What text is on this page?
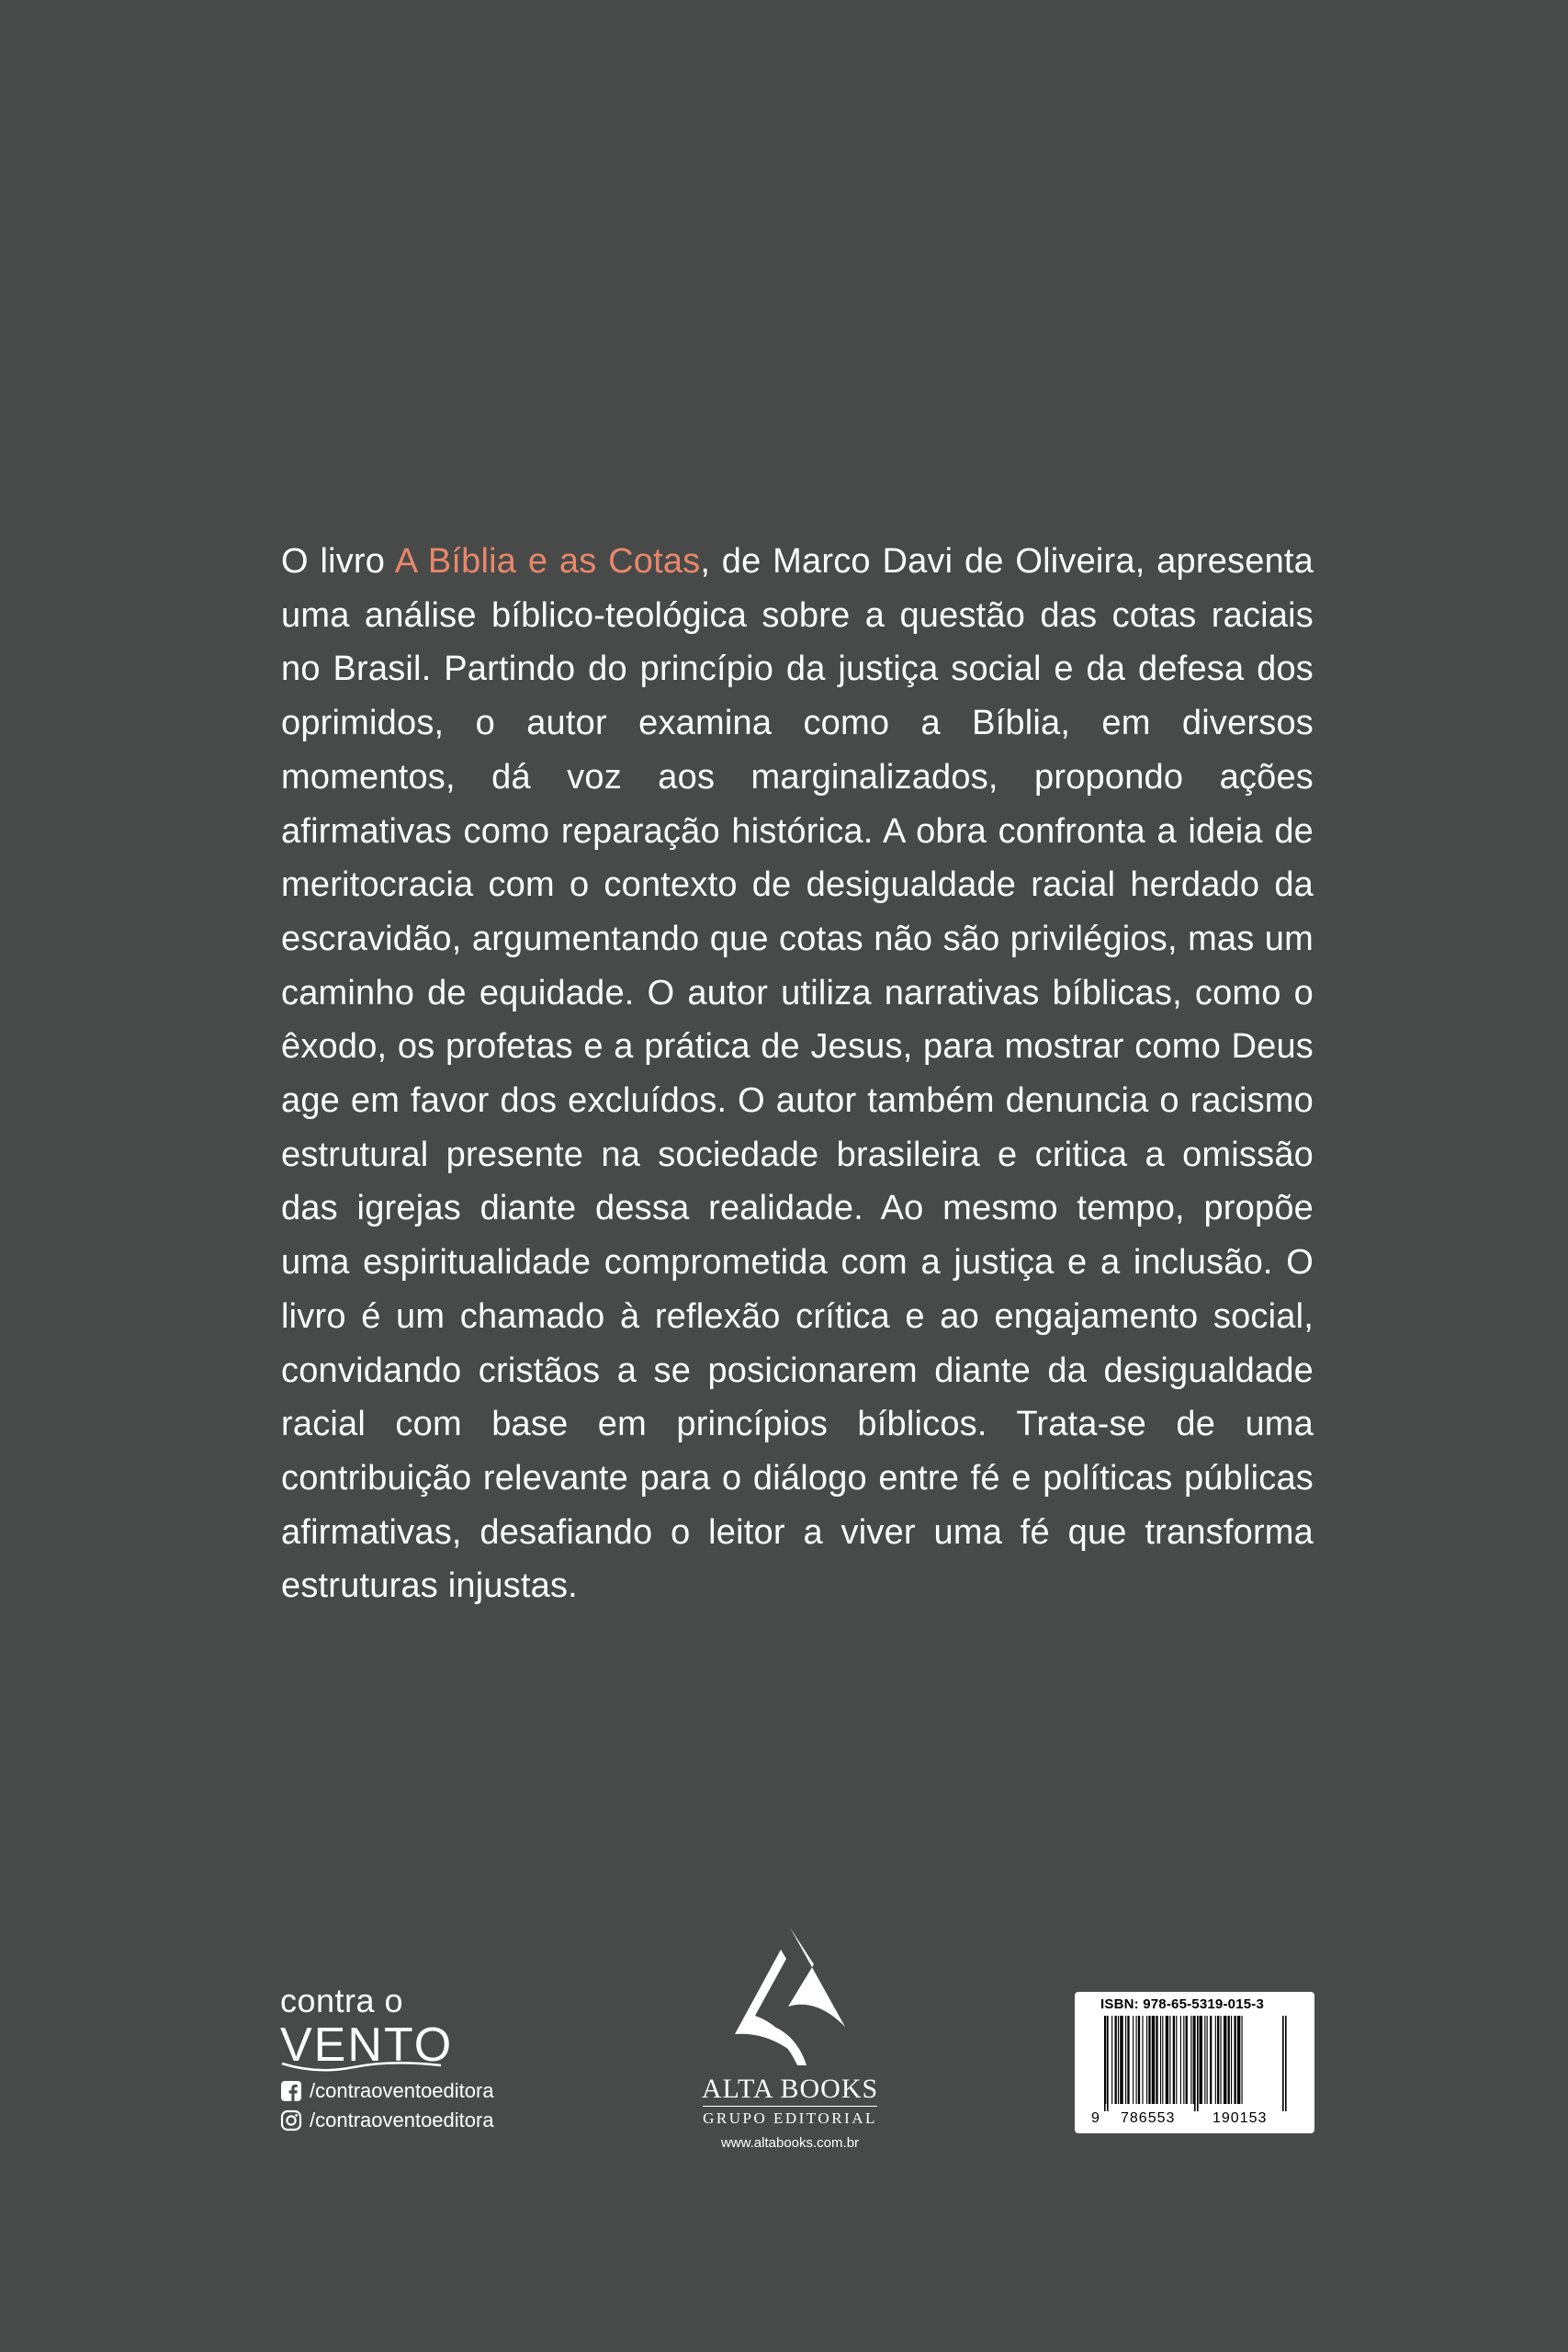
O livro A Bíblia e as Cotas, de Marco Davi de Oliveira, apresenta uma análise bíblico-teológica sobre a questão das cotas raciais no Brasil. Partindo do princípio da justiça social e da defesa dos oprimidos, o autor examina como a Bíblia, em diversos momentos, dá voz aos marginalizados, propondo ações afirmativas como reparação histórica. A obra confronta a ideia de meritocracia com o contexto de desigualdade racial herdado da escravidão, argumentando que cotas não são privilégios, mas um caminho de equidade. O autor utiliza narrativas bíblicas, como o êxodo, os profetas e a prática de Jesus, para mostrar como Deus age em favor dos excluídos. O autor também denuncia o racismo estrutural presente na sociedade brasileira e critica a omissão das igrejas diante dessa realidade. Ao mesmo tempo, propõe uma espiritualidade comprometida com a justiça e a inclusão. O livro é um chamado à reflexão crítica e ao engajamento social, convidando cristãos a se posicionarem diante da desigualdade racial com base em princípios bíblicos. Trata-se de uma contribuição relevante para o diálogo entre fé e políticas públicas afirmativas, desafiando o leitor a viver uma fé que transforma estruturas injustas.
contra o
VENTO
/contraoventoeditora
/contraoventoeditora
ALTA BOOKS
GRUPO EDITORIAL
www.altabooks.com.br
ISBN: 978-65-5319-015-3
9 786553	190153
